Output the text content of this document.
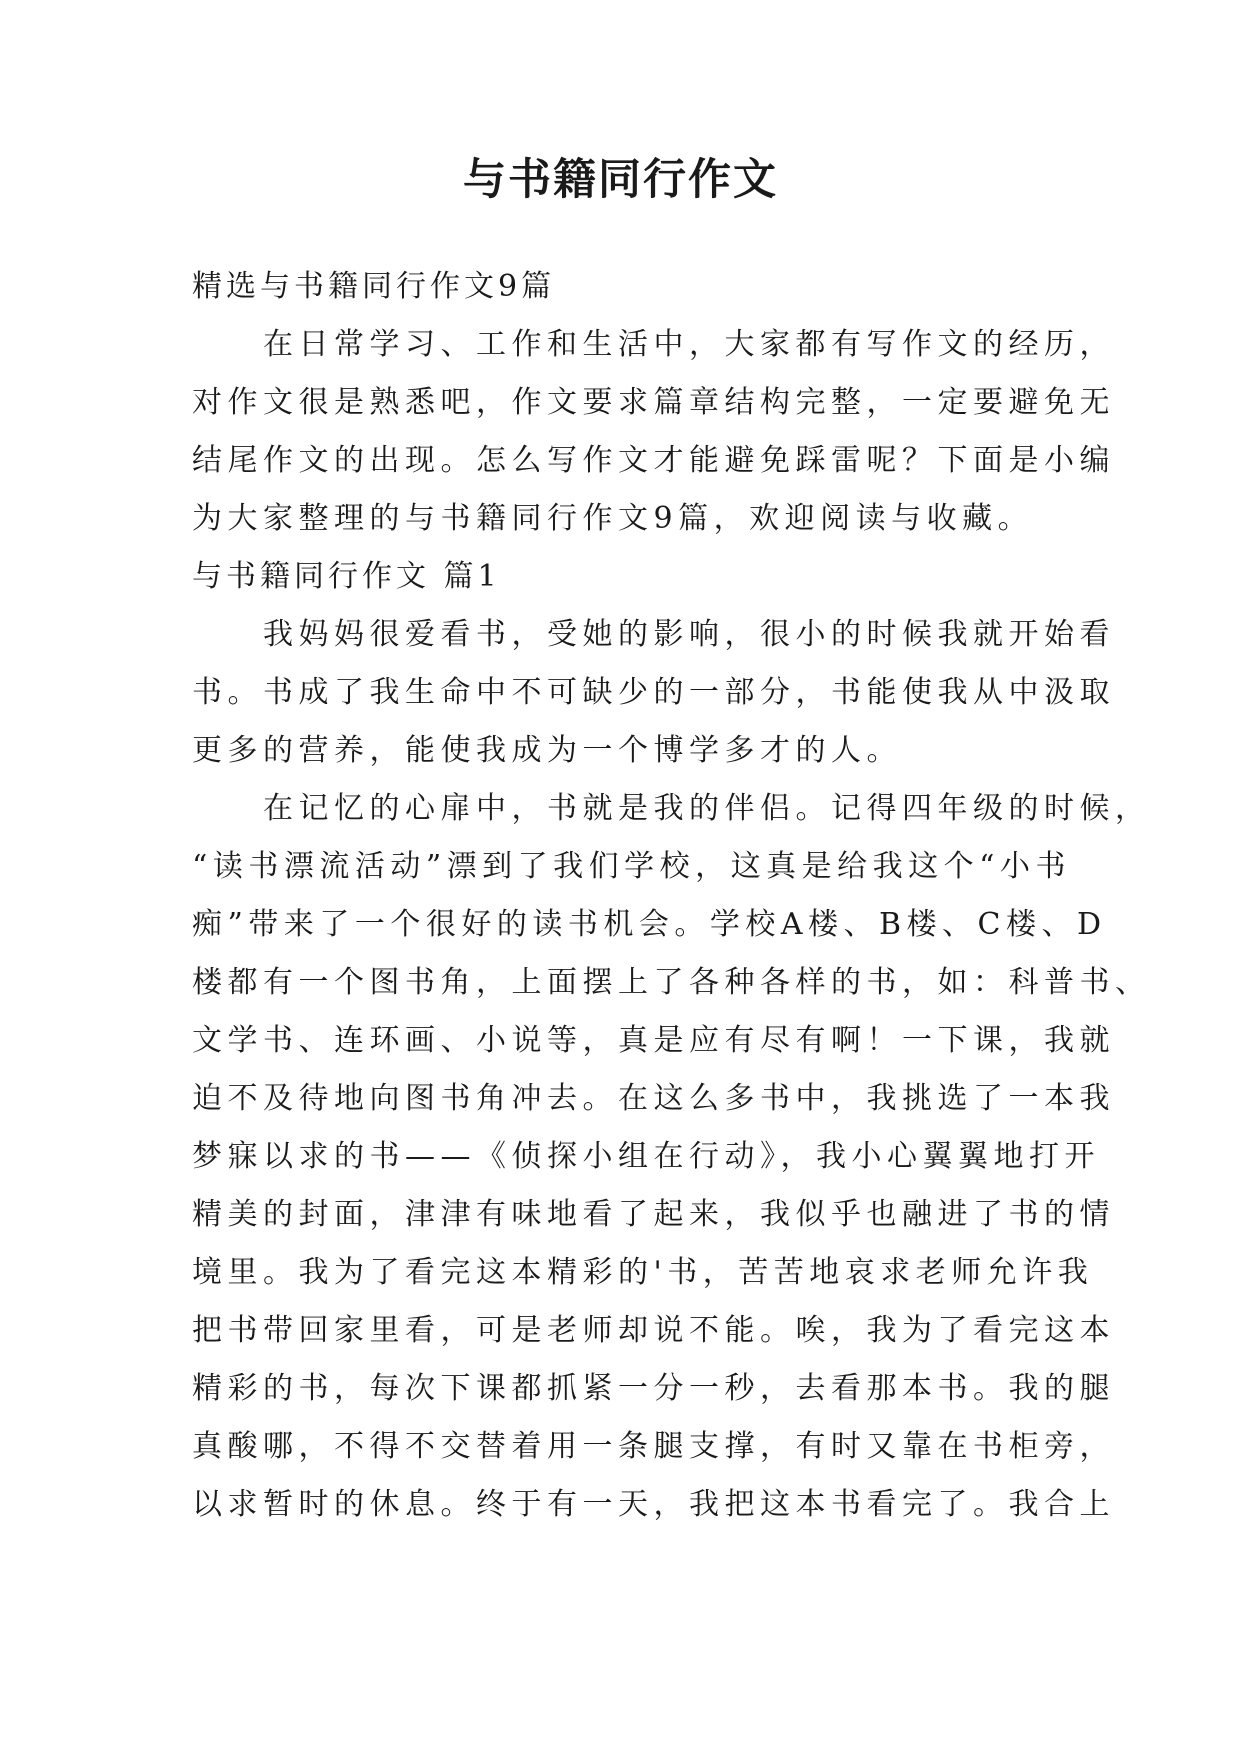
与书籍同行作文

精选与书籍同行作文9篇

　　在日常学习、工作和生活中，大家都有写作文的经历，

对作文很是熟悉吧，作文要求篇章结构完整，一定要避免无

结尾作文的出现。怎么写作文才能避免踩雷呢？下面是小编

为大家整理的与书籍同行作文9篇，欢迎阅读与收藏。

与书籍同行作文 篇1

　　我妈妈很爱看书，受她的影响，很小的时候我就开始看

书。书成了我生命中不可缺少的一部分，书能使我从中汲取

更多的营养，能使我成为一个博学多才的人。

　　在记忆的心扉中，书就是我的伴侣。记得四年级的时候，

“读书漂流活动”漂到了我们学校，这真是给我这个“小书

痴”带来了一个很好的读书机会。学校A楼、B楼、C楼、D

楼都有一个图书角，上面摆上了各种各样的书，如：科普书、

文学书、连环画、小说等，真是应有尽有啊！一下课，我就

迫不及待地向图书角冲去。在这么多书中，我挑选了一本我

梦寐以求的书——《侦探小组在行动》，我小心翼翼地打开

精美的封面，津津有味地看了起来，我似乎也融进了书的情

境里。我为了看完这本精彩的'书，苦苦地哀求老师允许我

把书带回家里看，可是老师却说不能。唉，我为了看完这本

精彩的书，每次下课都抓紧一分一秒，去看那本书。我的腿

真酸哪，不得不交替着用一条腿支撑，有时又靠在书柜旁，

以求暂时的休息。终于有一天，我把这本书看完了。我合上
